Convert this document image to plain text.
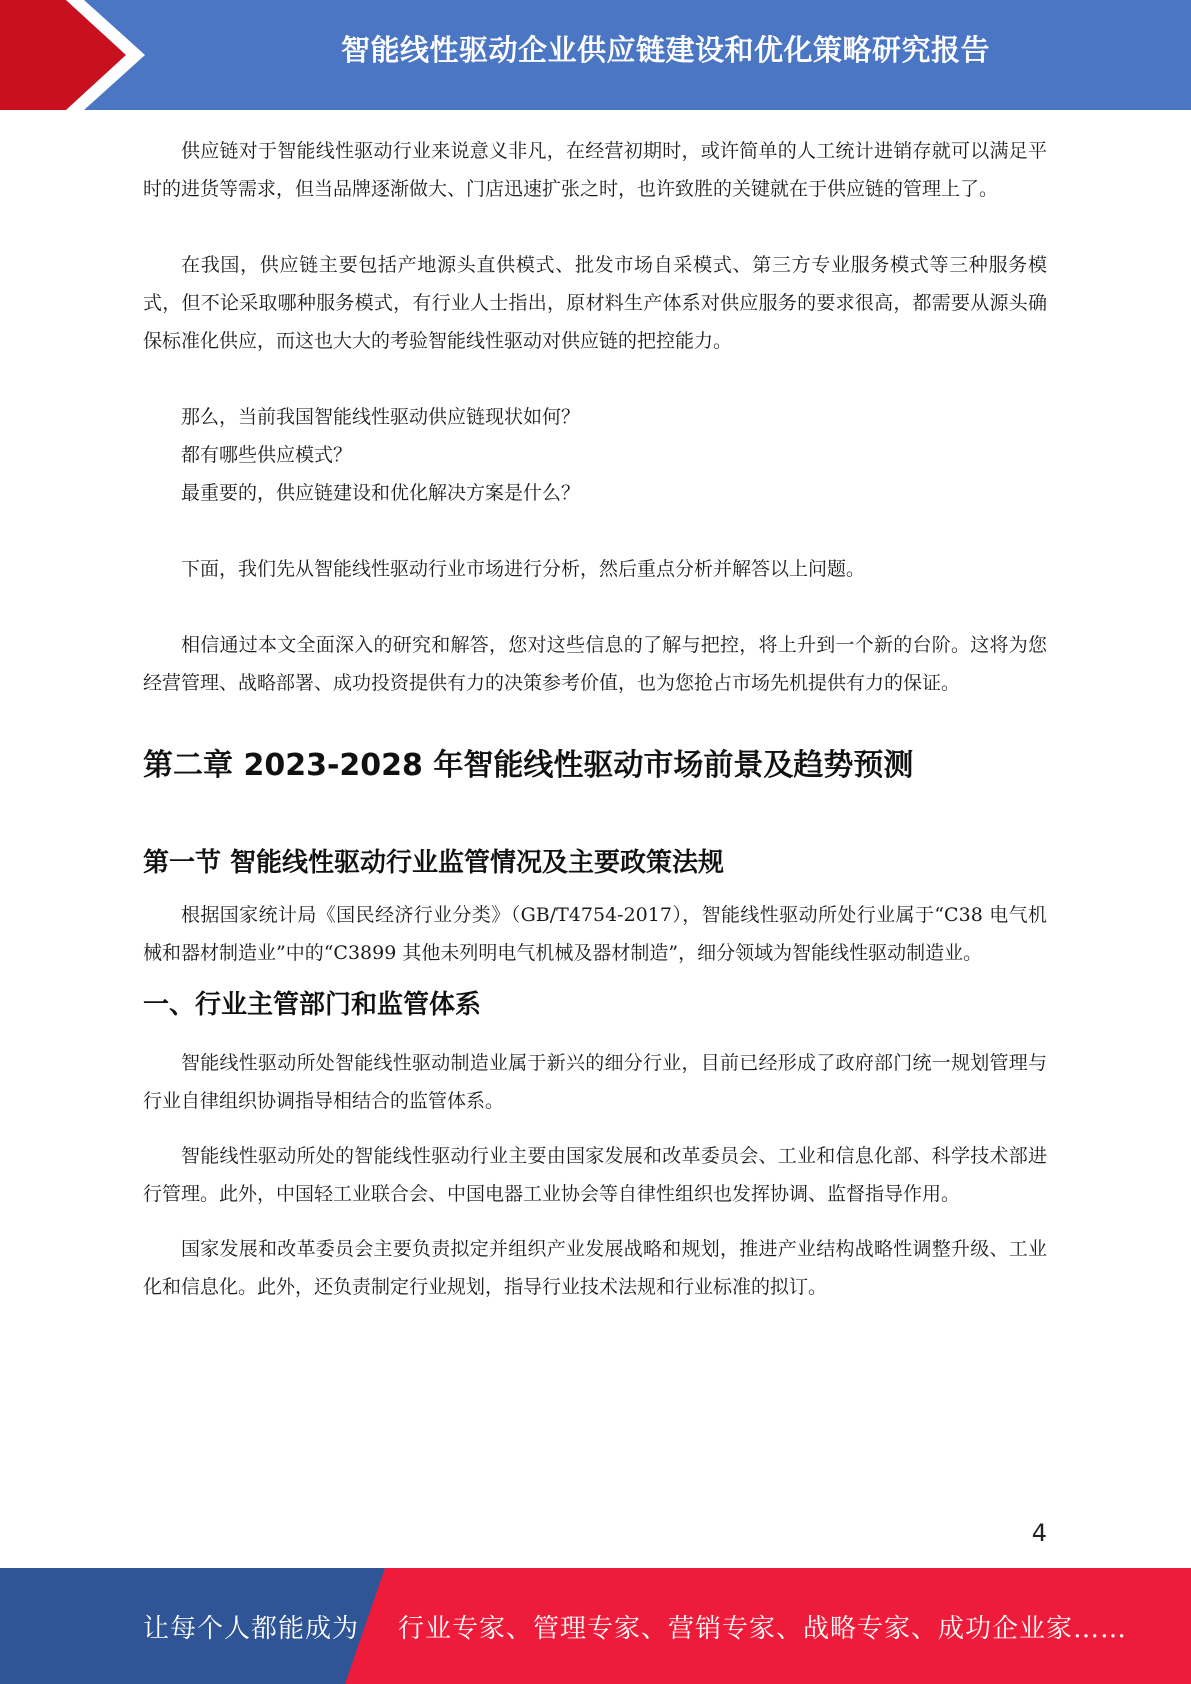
智能线性驱动企业供应链建设和优化策略研究报告

供应链对于智能线性驱动行业来说意义非凡，在经营初期时，或许简单的人工统计进销存就可以满足平时的进货等需求，但当品牌逐渐做大、门店迅速扩张之时，也许致胜的关键就在于供应链的管理上了。

在我国，供应链主要包括产地源头直供模式、批发市场自采模式、第三方专业服务模式等三种服务模式，但不论采取哪种服务模式，有行业人士指出，原材料生产体系对供应服务的要求很高，都需要从源头确保标准化供应，而这也大大的考验智能线性驱动对供应链的把控能力。

那么，当前我国智能线性驱动供应链现状如何？

都有哪些供应模式？

最重要的，供应链建设和优化解决方案是什么？

下面，我们先从智能线性驱动行业市场进行分析，然后重点分析并解答以上问题。

相信通过本文全面深入的研究和解答，您对这些信息的了解与把控，将上升到一个新的台阶。这将为您经营管理、战略部署、成功投资提供有力的决策参考价值，也为您抢占市场先机提供有力的保证。

第二章 2023-2028 年智能线性驱动市场前景及趋势预测
第一节 智能线性驱动行业监管情况及主要政策法规

根据国家统计局《国民经济行业分类》（GB/T4754-2017），智能线性驱动所处行业属于“C38 电气机械和器材制造业”中的“C3899 其他未列明电气机械及器材制造”，细分领域为智能线性驱动制造业。

一、行业主管部门和监管体系

智能线性驱动所处智能线性驱动制造业属于新兴的细分行业，目前已经形成了政府部门统一规划管理与行业自律组织协调指导相结合的监管体系。

智能线性驱动所处的智能线性驱动行业主要由国家发展和改革委员会、工业和信息化部、科学技术部进行管理。此外，中国轻工业联合会、中国电器工业协会等自律性组织也发挥协调、监督指导作用。

国家发展和改革委员会主要负责拟定并组织产业发展战略和规划，推进产业结构战略性调整升级、工业化和信息化。此外，还负责制定行业规划，指导行业技术法规和行业标准的拟订。

4
让每个人都能成为 行业专家、管理专家、营销专家、战略专家、成功企业家……
